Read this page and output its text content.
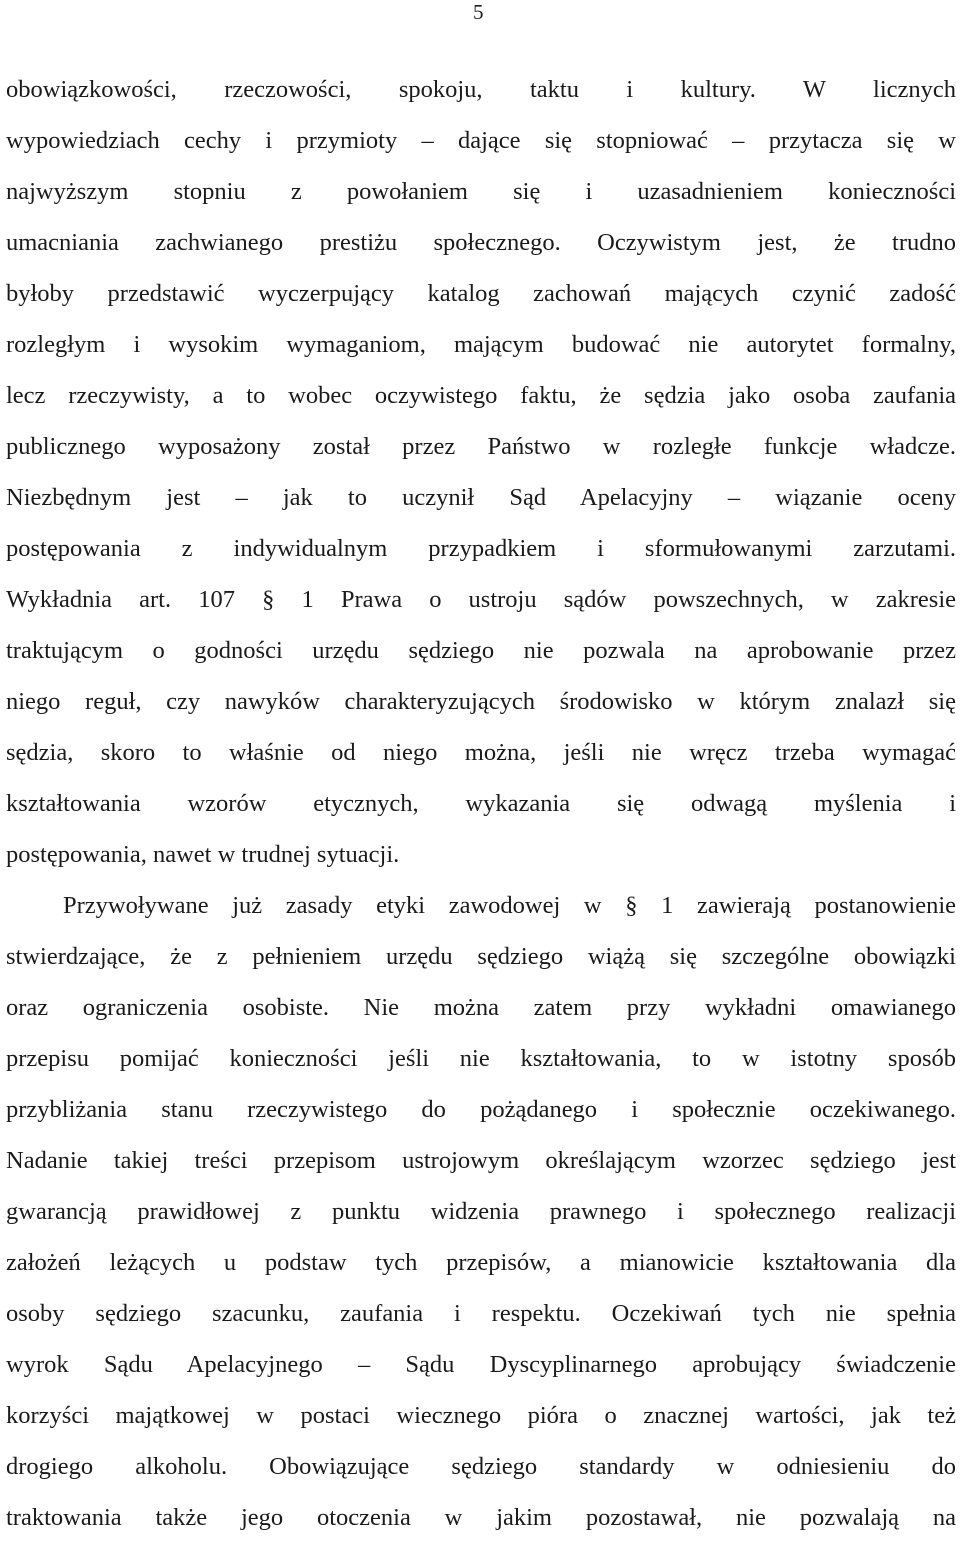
5
obowiązkowości, rzeczowości, spokoju, taktu i kultury. W licznych
wypowiedziach cechy i przymioty – dające się stopniować – przytacza się w
najwyższym stopniu z powołaniem się i uzasadnieniem konieczności
umacniania zachwianego prestiżu społecznego. Oczywistym jest, że trudno
byłoby przedstawić wyczerpujący katalog zachowań mających czynić zadość
rozległym i wysokim wymaganiom, mającym budować nie autorytet formalny,
lecz rzeczywisty, a to wobec oczywistego faktu, że sędzia jako osoba zaufania
publicznego wyposażony został przez Państwo w rozległe funkcje władcze.
Niezbędnym jest – jak to uczynił Sąd Apelacyjny – wiązanie oceny
postępowania z indywidualnym przypadkiem i sformułowanymi zarzutami.
Wykładnia art. 107 § 1 Prawa o ustroju sądów powszechnych, w zakresie
traktującym o godności urzędu sędziego nie pozwala na aprobowanie przez
niego reguł, czy nawyków charakteryzujących środowisko w którym znalazł się
sędzia, skoro to właśnie od niego można, jeśli nie wręcz trzeba wymagać
kształtowania wzorów etycznych, wykazania się odwagą myślenia i
postępowania, nawet w trudnej sytuacji.
Przywoływane już zasady etyki zawodowej w § 1 zawierają postanowienie
stwierdzające, że z pełnieniem urzędu sędziego wiążą się szczególne obowiązki
oraz ograniczenia osobiste. Nie można zatem przy wykładni omawianego
przepisu pomijać konieczności jeśli nie kształtowania, to w istotny sposób
przybliżania stanu rzeczywistego do pożądanego i społecznie oczekiwanego.
Nadanie takiej treści przepisom ustrojowym określającym wzorzec sędziego jest
gwarancją prawidłowej z punktu widzenia prawnego i społecznego realizacji
założeń leżących u podstaw tych przepisów, a mianowicie kształtowania dla
osoby sędziego szacunku, zaufania i respektu. Oczekiwań tych nie spełnia
wyrok Sądu Apelacyjnego – Sądu Dyscyplinarnego aprobujący świadczenie
korzyści majątkowej w postaci wiecznego pióra o znacznej wartości, jak też
drogiego alkoholu. Obowiązujące sędziego standardy w odniesieniu do
traktowania także jego otoczenia w jakim pozostawał, nie pozwalają na
